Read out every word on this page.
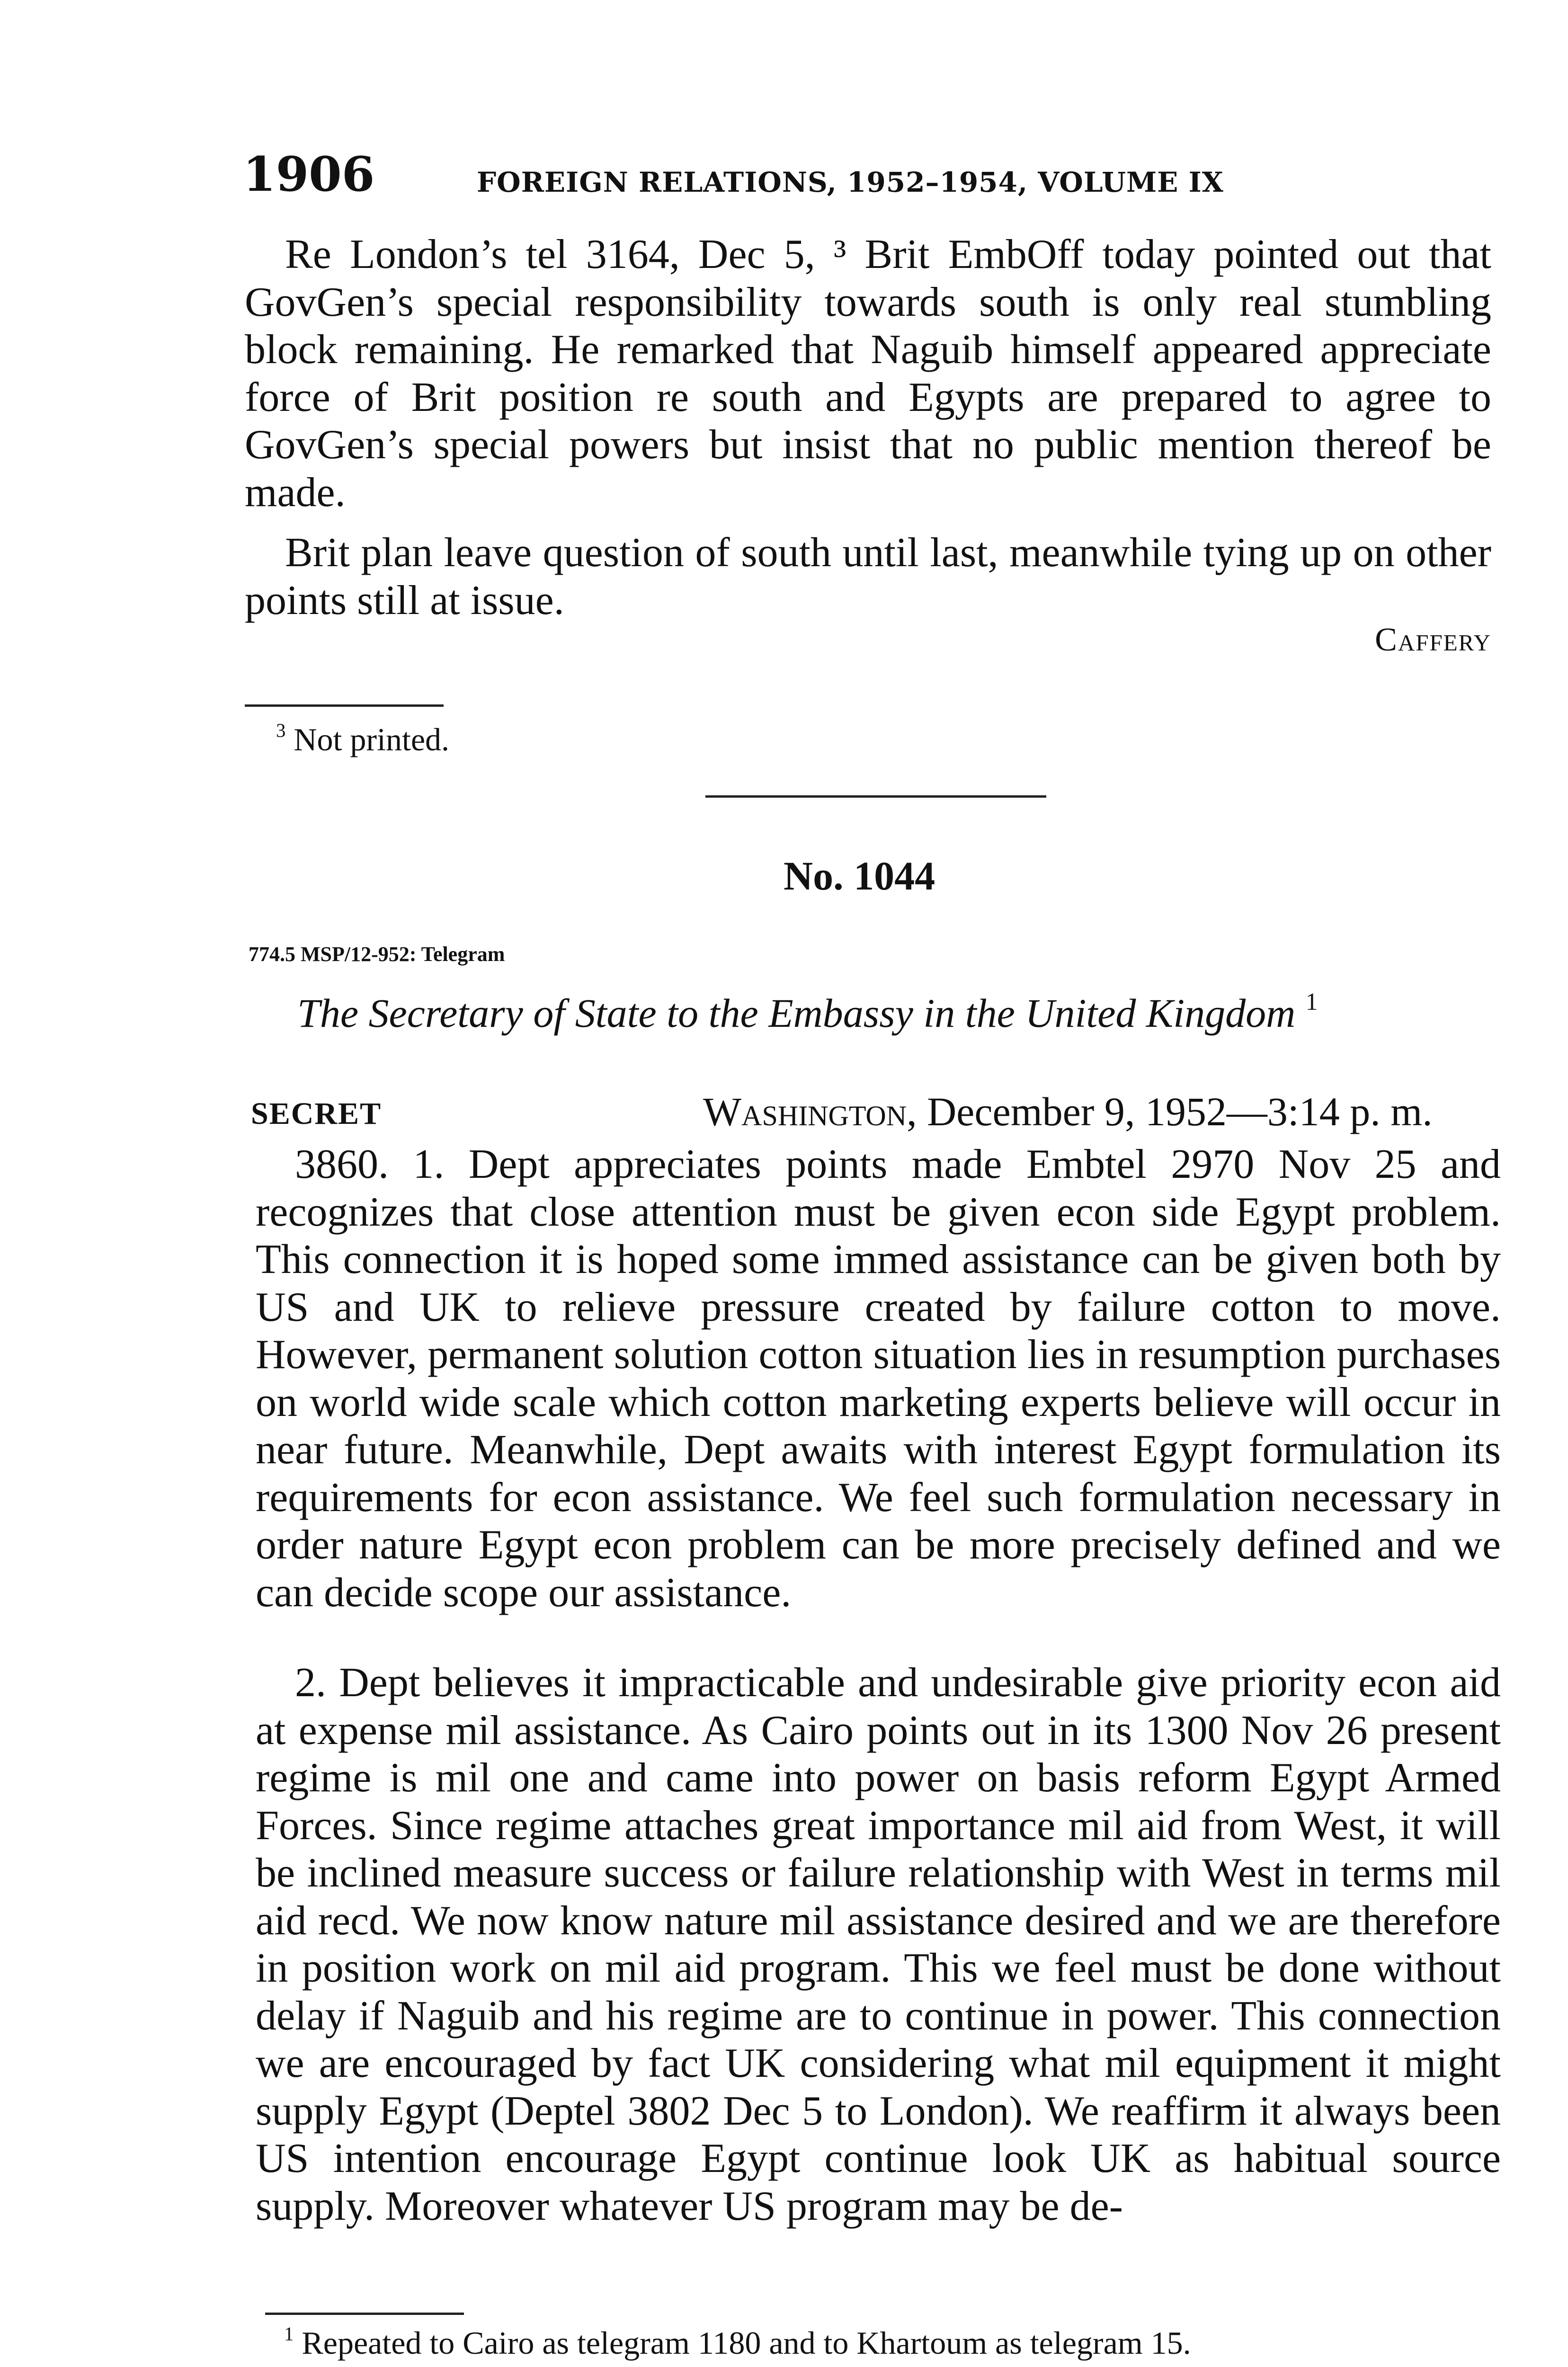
1906	FOREIGN RELATIONS, 1952–1954, VOLUME IX

Re London’s tel 3164, Dec 5, ³ Brit EmbOff today pointed out that GovGen’s special responsibility towards south is only real stumbling block remaining. He remarked that Naguib himself appeared appreciate force of Brit position re south and Egypts are prepared to agree to GovGen’s special powers but insist that no public mention thereof be made.

Brit plan leave question of south until last, meanwhile tying up on other points still at issue.

Caffery
$^3$ Not printed.
No. 1044
774.5 MSP/12-952: Telegram
The Secretary of State to the Embassy in the United Kingdom $^1$
SECRET	Washington, December 9, 1952—3:14 p. m.

3860. 1. Dept appreciates points made Embtel 2970 Nov 25 and recognizes that close attention must be given econ side Egypt problem. This connection it is hoped some immed assistance can be given both by US and UK to relieve pressure created by failure cotton to move. However, permanent solution cotton situation lies in resumption purchases on world wide scale which cotton marketing experts believe will occur in near future. Meanwhile, Dept awaits with interest Egypt formulation its requirements for econ assistance. We feel such formulation necessary in order nature Egypt econ problem can be more precisely defined and we can decide scope our assistance.

2. Dept believes it impracticable and undesirable give priority econ aid at expense mil assistance. As Cairo points out in its 1300 Nov 26 present regime is mil one and came into power on basis reform Egypt Armed Forces. Since regime attaches great importance mil aid from West, it will be inclined measure success or failure relationship with West in terms mil aid recd. We now know nature mil assistance desired and we are therefore in position work on mil aid program. This we feel must be done without delay if Naguib and his regime are to continue in power. This connection we are encouraged by fact UK considering what mil equipment it might supply Egypt (Deptel 3802 Dec 5 to London). We reaffirm it always been US intention encourage Egypt continue look UK as habitual source supply. Moreover whatever US program may be de-

$^1$ Repeated to Cairo as telegram 1180 and to Khartoum as telegram 15.
